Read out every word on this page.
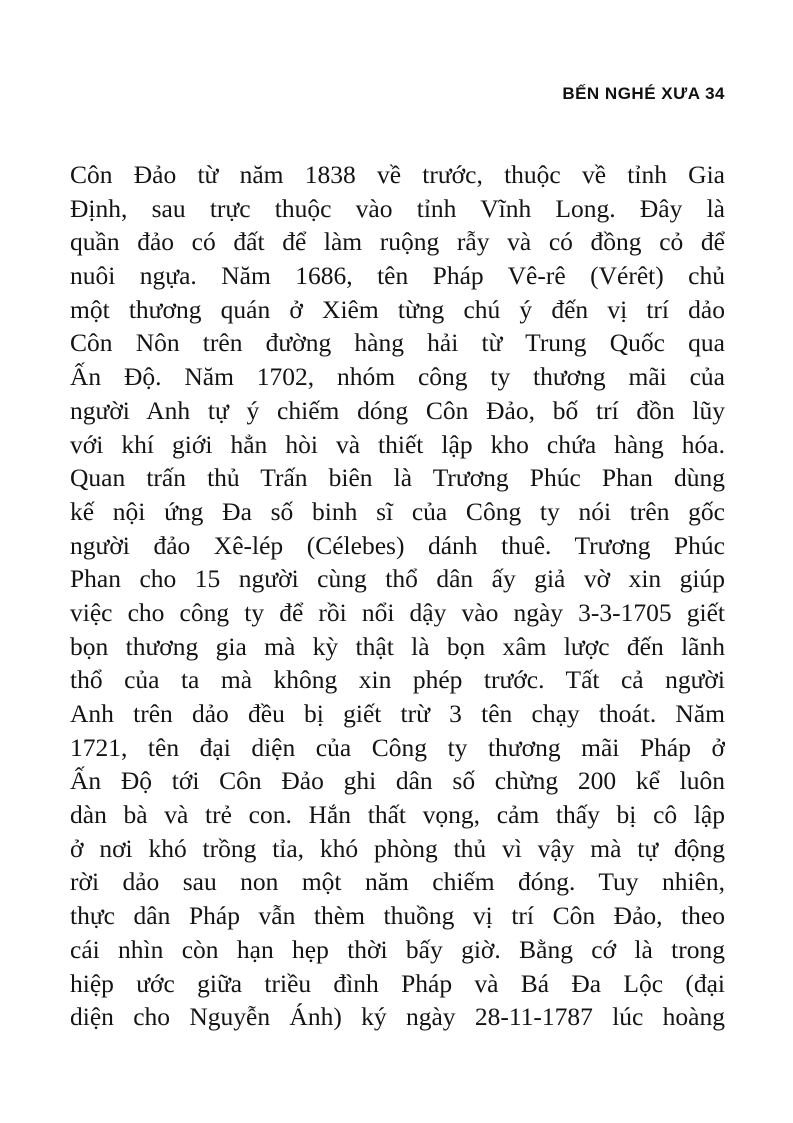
BẾN NGHÉ XƯA 34
Côn Đảo từ năm 1838 về trước, thuộc về tỉnh Gia
Định, sau trực thuộc vào tỉnh Vĩnh Long. Đây là
quần đảo có đất để làm ruộng rẫy và có đồng cỏ để
nuôi ngựa. Năm 1686, tên Pháp Vê-rê (Vérêt) chủ
một thương quán ở Xiêm từng chú ý đến vị trí dảo
Côn Nôn trên đường hàng hải từ Trung Quốc qua
Ấn Độ. Năm 1702, nhóm công ty thương mãi của
người Anh tự ý chiếm dóng Côn Đảo, bố trí đồn lũy
với khí giới hẳn hòi và thiết lập kho chứa hàng hóa.
Quan trấn thủ Trấn biên là Trương Phúc Phan dùng
kế nội ứng Đa số binh sĩ của Công ty nói trên gốc
người đảo Xê-lép (Célebes) dánh thuê. Trương Phúc
Phan cho 15 người cùng thổ dân ấy giả vờ xin giúp
việc cho công ty để rồi nổi dậy vào ngày 3-3-1705 giết
bọn thương gia mà kỳ thật là bọn xâm lược đến lãnh
thổ của ta mà không xin phép trước. Tất cả người
Anh trên dảo đều bị giết trừ 3 tên chạy thoát. Năm
1721, tên đại diện của Công ty thương mãi Pháp ở
Ấn Độ tới Côn Đảo ghi dân số chừng 200 kể luôn
dàn bà và trẻ con. Hắn thất vọng, cảm thấy bị cô lập
ở nơi khó trồng tỉa, khó phòng thủ vì vậy mà tự động
rời dảo sau non một năm chiếm đóng. Tuy nhiên,
thực dân Pháp vẫn thèm thuồng vị trí Côn Đảo, theo
cái nhìn còn hạn hẹp thời bấy giờ. Bằng cớ là trong
hiệp ước giữa triều đình Pháp và Bá Đa Lộc (đại
diện cho Nguyễn Ánh) ký ngày 28-11-1787 lúc hoàng
